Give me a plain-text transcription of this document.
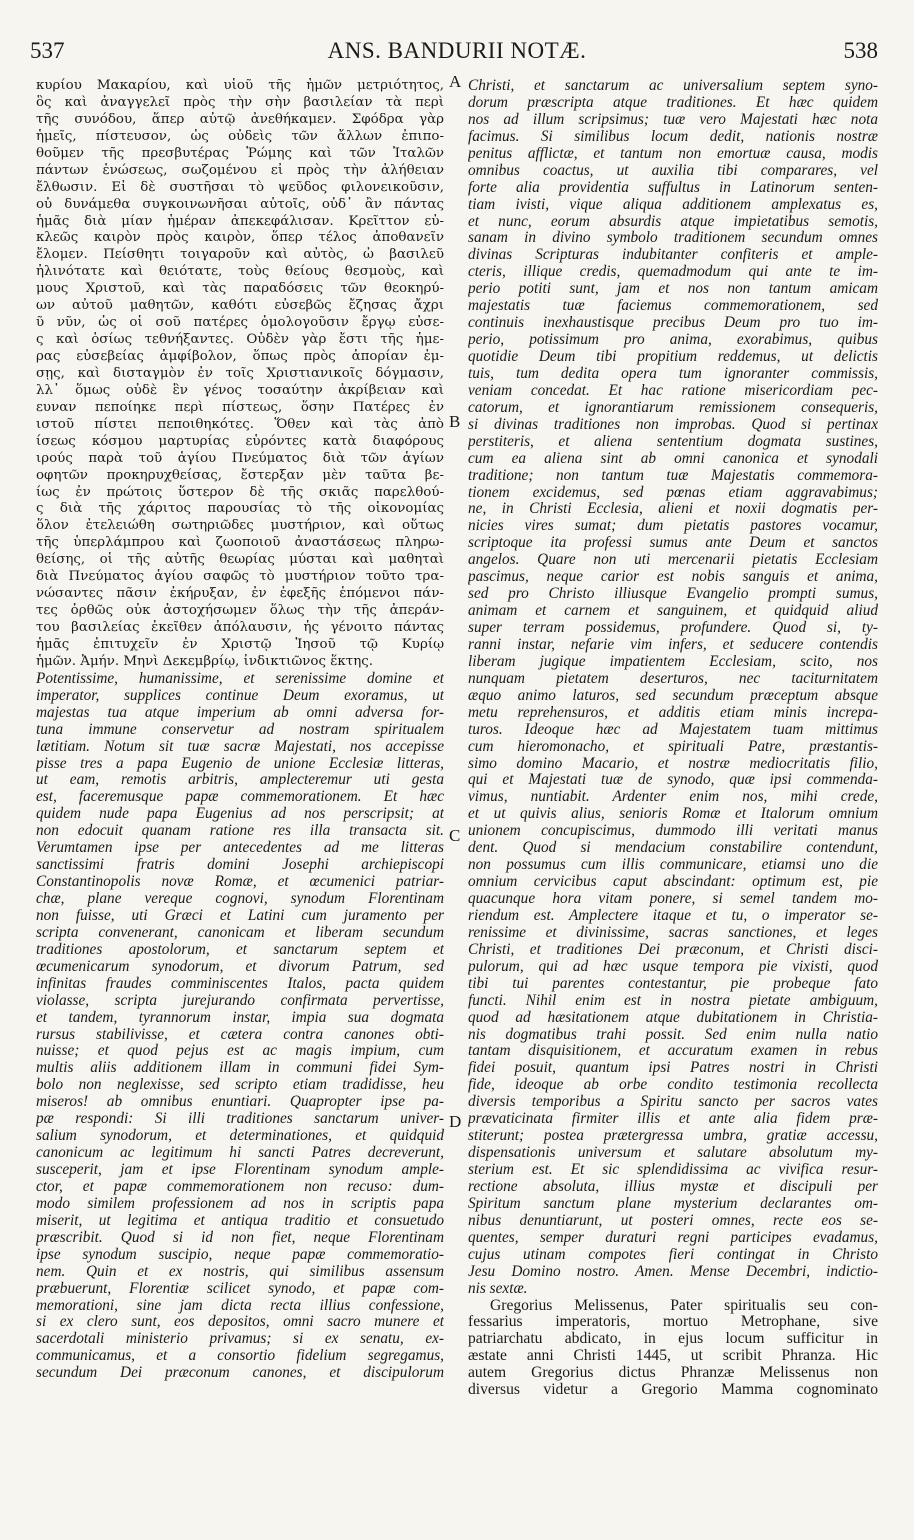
537	ANS. BANDURII NOTÆ.	538
A
B
C
D
κυρίου Μακαρίου, καὶ υἱοῦ τῆς ἡμῶν μετριότητος,
ὃς καὶ ἀναγγελεῖ πρὸς τὴν σὴν βασιλείαν τὰ περὶ
τῆς συνόδου, ἅπερ αὐτῷ ἀνεθήκαμεν. Σφόδρα γὰρ
ἡμεῖς, πίστευσον, ὡς οὐδεὶς τῶν ἄλλων ἐπιπο-
θοῦμεν τῆς πρεσβυτέρας Ῥώμης καὶ τῶν Ἰταλῶν
πάντων ἑνώσεως, σωζομένου εἰ πρὸς τὴν ἀλήθειαν
ἔλθωσιν. Εἰ δὲ συστῆσαι τὸ ψεῦδος φιλονεικοῦσιν,
οὐ δυνάμεθα συγκοινωνῆσαι αὐτοῖς, οὐδ᾽ ἂν πάντας
ἡμᾶς διὰ μίαν ἡμέραν ἀπεκεφάλισαν. Κρεῖττον εὐ-
κλεῶς καιρὸν πρὸς καιρὸν, ὅπερ τέλος ἀποθανεῖν
ἔλομεν. Πείσθητι τοιγαροῦν καὶ αὐτὸς, ὦ βασιλεῦ
ἠλινότατε καὶ θειότατε, τοὺς θείους θεσμοὺς, καὶ
μους Χριστοῦ, καὶ τὰς παραδόσεις τῶν θεοκηρύ-
ων αὐτοῦ μαθητῶν, καθότι εὐσεβῶς ἔζησας ἄχρι
ῦ νῦν, ὡς οἱ σοῦ πατέρες ὁμολογοῦσιν ἔργῳ εὐσε-
ς καὶ ὁσίως τεθνήξαντες. Οὐδὲν γὰρ ἔστι τῆς ἡμε-
ρας εὐσεβείας ἀμφίβολον, ὅπως πρὸς ἀπορίαν ἐμ-
σῃς, καὶ δισταγμὸν ἐν τοῖς Χριστιανικοῖς δόγμασιν,
λλ᾽ ὅμως οὐδὲ ἓν γένος τοσαύτην ἀκρίβειαν καὶ
ευναν πεποίηκε περὶ πίστεως, ὅσην Πατέρες ἐν
ιστοῦ πίστει πεποιθηκότες. Ὅθεν καὶ τὰς ἀπὸ
ίσεως κόσμου μαρτυρίας εὑρόντες κατὰ διαφόρους
ιρούς παρὰ τοῦ ἁγίου Πνεύματος διὰ τῶν ἁγίων
οφητῶν προκηρυχθείσας, ἔστερξαν μὲν ταῦτα βε-
ίως ἐν πρώτοις ὕστερον δὲ τῆς σκιᾶς παρελθού-
ς διὰ τῆς χάριτος παρουσίας τὸ τῆς οἰκονομίας
ὅλον ἐτελειώθη σωτηριῶδες μυστήριον, καὶ οὕτως
τῆς ὑπερλάμπρου καὶ ζωοποιοῦ ἀναστάσεως πληρω-
θείσης, οἱ τῆς αὐτῆς θεωρίας μύσται καὶ μαθηταὶ
διὰ Πνεύματος ἁγίου σαφῶς τὸ μυστήριον τοῦτο τρα-
νώσαντες πᾶσιν ἐκήρυξαν, ἐν ἐφεξῆς ἑπόμενοι πάν-
τες ὀρθῶς οὐκ ἀστοχήσωμεν ὅλως τὴν τῆς ἀπεράν-
του βασιλείας ἐκεῖθεν ἀπόλαυσιν, ἧς γένοιτο πάντας
ἡμᾶς ἐπιτυχεῖν ἐν Χριστῷ Ἰησοῦ τῷ Κυρίῳ
ἡμῶν. Ἀμήν. Μηνὶ Δεκεμβρίῳ, ἰνδικτιῶνος ἕκτης.
Potentissime, humanissime, et serenissime domine et
imperator, supplices continue Deum exoramus, ut
majestas tua atque imperium ab omni adversa for-
tuna immune conservetur ad nostram spiritualem
lætitiam. Notum sit tuæ sacræ Majestati, nos accepisse
pisse tres a papa Eugenio de unione Ecclesiæ litteras,
ut eam, remotis arbitris, amplecteremur uti gesta
est, faceremusque papæ commemorationem. Et hæc
quidem nude papa Eugenius ad nos perscripsit; at
non edocuit quanam ratione res illa transacta sit.
Verumtamen ipse per antecedentes ad me litteras
sanctissimi fratris domini Josephi archiepiscopi
Constantinopolis novæ Romæ, et œcumenici patriar-
chæ, plane vereque cognovi, synodum Florentinam
non fuisse, uti Græci et Latini cum juramento per
scripta convenerant, canonicam et liberam secundum
traditiones apostolorum, et sanctarum septem et
œcumenicarum synodorum, et divorum Patrum, sed
infinitas fraudes comminiscentes Italos, pacta quidem
violasse, scripta jurejurando confirmata pervertisse,
et tandem, tyrannorum instar, impia sua dogmata
rursus stabilivisse, et cætera contra canones obti-
nuisse; et quod pejus est ac magis impium, cum
multis aliis additionem illam in communi fidei Sym-
bolo non neglexisse, sed scripto etiam tradidisse, heu
miseros! ab omnibus enuntiari. Quapropter ipse pa-
pæ respondi: Si illi traditiones sanctarum univer-
salium synodorum, et determinationes, et quidquid
canonicum ac legitimum hi sancti Patres decreverunt,
susceperit, jam et ipse Florentinam synodum ample-
ctor, et papæ commemorationem non recuso: dum-
modo similem professionem ad nos in scriptis papa
miserit, ut legitima et antiqua traditio et consuetudo
præscribit. Quod si id non fiet, neque Florentinam
ipse synodum suscipio, neque papæ commemoratio-
nem. Quin et ex nostris, qui similibus assensum
præbuerunt, Florentiæ scilicet synodo, et papæ com-
memorationi, sine jam dicta recta illius confessione,
si ex clero sunt, eos depositos, omni sacro munere et
sacerdotali ministerio privamus; si ex senatu, ex-
communicamus, et a consortio fidelium segregamus,
secundum Dei præconum canones, et discipulorum
Christi, et sanctarum ac universalium septem syno-
dorum præscripta atque traditiones. Et hæc quidem
nos ad illum scripsimus; tuæ vero Majestati hæc nota
facimus. Si similibus locum dedit, nationis nostræ
penitus afflictæ, et tantum non emortuæ causa, modis
omnibus coactus, ut auxilia tibi comparares, vel
forte alia providentia suffultus in Latinorum senten-
tiam ivisti, vique aliqua additionem amplexatus es,
et nunc, eorum absurdis atque impietatibus semotis,
sanam in divino symbolo traditionem secundum omnes
divinas Scripturas indubitanter confiteris et ample-
cteris, illique credis, quemadmodum qui ante te im-
perio potiti sunt, jam et nos non tantum amicam
majestatis tuæ faciemus commemorationem, sed
continuis inexhaustisque precibus Deum pro tuo im-
perio, potissimum pro anima, exorabimus, quibus
quotidie Deum tibi propitium reddemus, ut delictis
tuis, tum dedita opera tum ignoranter commissis,
veniam concedat. Et hac ratione misericordiam pec-
catorum, et ignorantiarum remissionem consequeris,
si divinas traditiones non improbas. Quod si pertinax
perstiteris, et aliena sententium dogmata sustines,
cum ea aliena sint ab omni canonica et synodali
traditione; non tantum tuæ Majestatis commemora-
tionem excidemus, sed pœnas etiam aggravabimus;
ne, in Christi Ecclesia, alieni et noxii dogmatis per-
nicies vires sumat; dum pietatis pastores vocamur,
scriptoque ita professi sumus ante Deum et sanctos
angelos. Quare non uti mercenarii pietatis Ecclesiam
pascimus, neque carior est nobis sanguis et anima,
sed pro Christo illiusque Evangelio prompti sumus,
animam et carnem et sanguinem, et quidquid aliud
super terram possidemus, profundere. Quod si, ty-
ranni instar, nefarie vim infers, et seducere contendis
liberam jugique impatientem Ecclesiam, scito, nos
nunquam pietatem deserturos, nec taciturnitatem
æquo animo laturos, sed secundum præceptum absque
metu reprehensuros, et additis etiam minis increpa-
turos. Ideoque hæc ad Majestatem tuam mittimus
cum hieromonacho, et spirituali Patre, præstantis-
simo domino Macario, et nostræ mediocritatis filio,
qui et Majestati tuæ de synodo, quæ ipsi commenda-
vimus, nuntiabit. Ardenter enim nos, mihi crede,
et ut quivis alius, senioris Romæ et Italorum omnium
unionem concupiscimus, dummodo illi veritati manus
dent. Quod si mendacium constabilire contendunt,
non possumus cum illis communicare, etiamsi uno die
omnium cervicibus caput abscindant: optimum est, pie
quacunque hora vitam ponere, si semel tandem mo-
riendum est. Amplectere itaque et tu, o imperator se-
renissime et divinissime, sacras sanctiones, et leges
Christi, et traditiones Dei præconum, et Christi disci-
pulorum, qui ad hæc usque tempora pie vixisti, quod
tibi tui parentes contestantur, pie probeque fato
functi. Nihil enim est in nostra pietate ambiguum,
quod ad hæsitationem atque dubitationem in Christia-
nis dogmatibus trahi possit. Sed enim nulla natio
tantam disquisitionem, et accuratum examen in rebus
fidei posuit, quantum ipsi Patres nostri in Christi
fide, ideoque ab orbe condito testimonia recollecta
diversis temporibus a Spiritu sancto per sacros vates
prævaticinata firmiter illis et ante alia fidem præ-
stiterunt; postea prætergressa umbra, gratiæ accessu,
dispensationis universum et salutare absolutum my-
sterium est. Et sic splendidissima ac vivifica resur-
rectione absoluta, illius mystæ et discipuli per
Spiritum sanctum plane mysterium declarantes om-
nibus denuntiarunt, ut posteri omnes, recte eos se-
quentes, semper duraturi regni participes evadamus,
cujus utinam compotes fieri contingat in Christo
Jesu Domino nostro. Amen. Mense Decembri, indictio-
nis sextæ.
Gregorius Melissenus, Pater spiritualis seu con-
fessarius imperatoris, mortuo Metrophane, sive
patriarchatu abdicato, in ejus locum sufficitur in
æstate anni Christi 1445, ut scribit Phranza. Hic
autem Gregorius dictus Phranzæ Melissenus non
diversus videtur a Gregorio Mamma cognominato
